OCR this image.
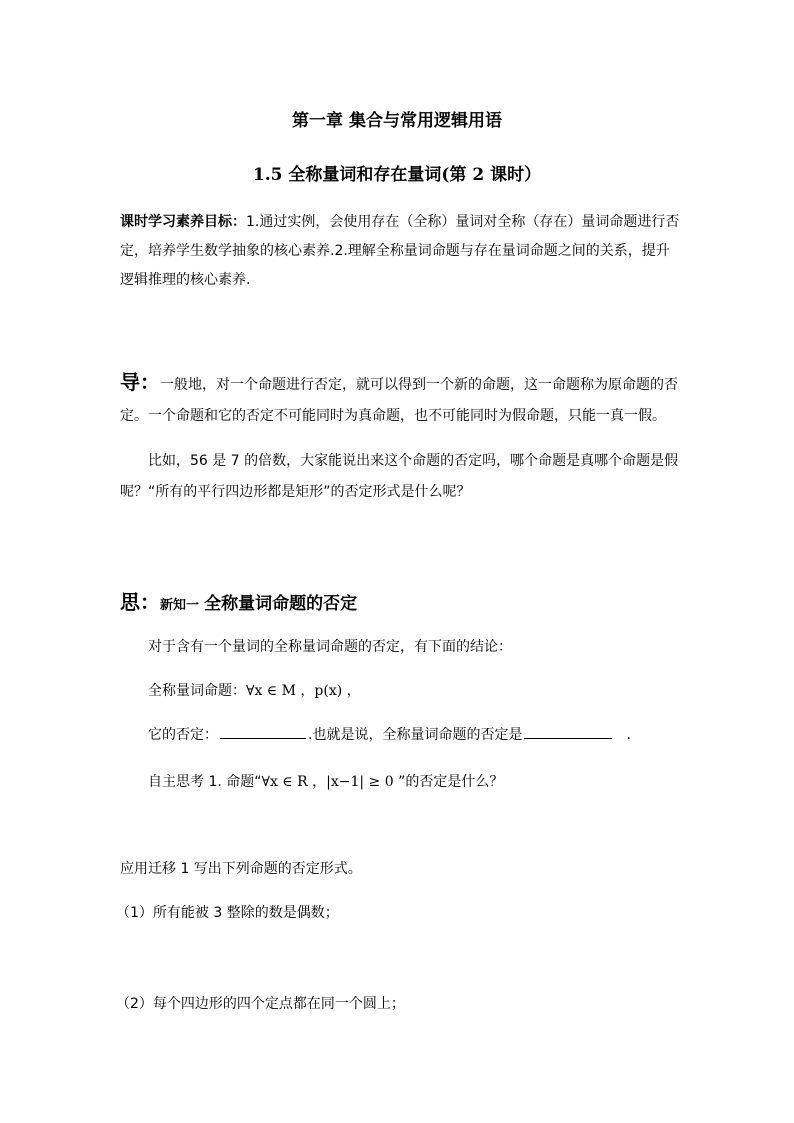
第一章 集合与常用逻辑用语
1.5 全称量词和存在量词(第 2 课时）
课时学习素养目标：1.通过实例，会使用存在（全称）量词对全称（存在）量词命题进行否定，培养学生数学抽象的核心素养.2.理解全称量词命题与存在量词命题之间的关系，提升逻辑推理的核心素养.
导：一般地，对一个命题进行否定，就可以得到一个新的命题，这一命题称为原命题的否定。一个命题和它的否定不可能同时为真命题，也不可能同时为假命题，只能一真一假。
比如，56 是 7 的倍数，大家能说出来这个命题的否定吗，哪个命题是真哪个命题是假呢？“所有的平行四边形都是矩形”的否定形式是什么呢？
思：新知一 全称量词命题的否定
对于含有一个量词的全称量词命题的否定，有下面的结论：
全称量词命题：∀x ∈ M ，p(x) ，
它的否定：	.也就是说，全称量词命题的否定是	.
自主思考 1. 命题“∀x ∈ R ，|x−1| ≥ 0 ”的否定是什么？
应用迁移 1 写出下列命题的否定形式。
（1）所有能被 3 整除的数是偶数；
（2）每个四边形的四个定点都在同一个圆上；
